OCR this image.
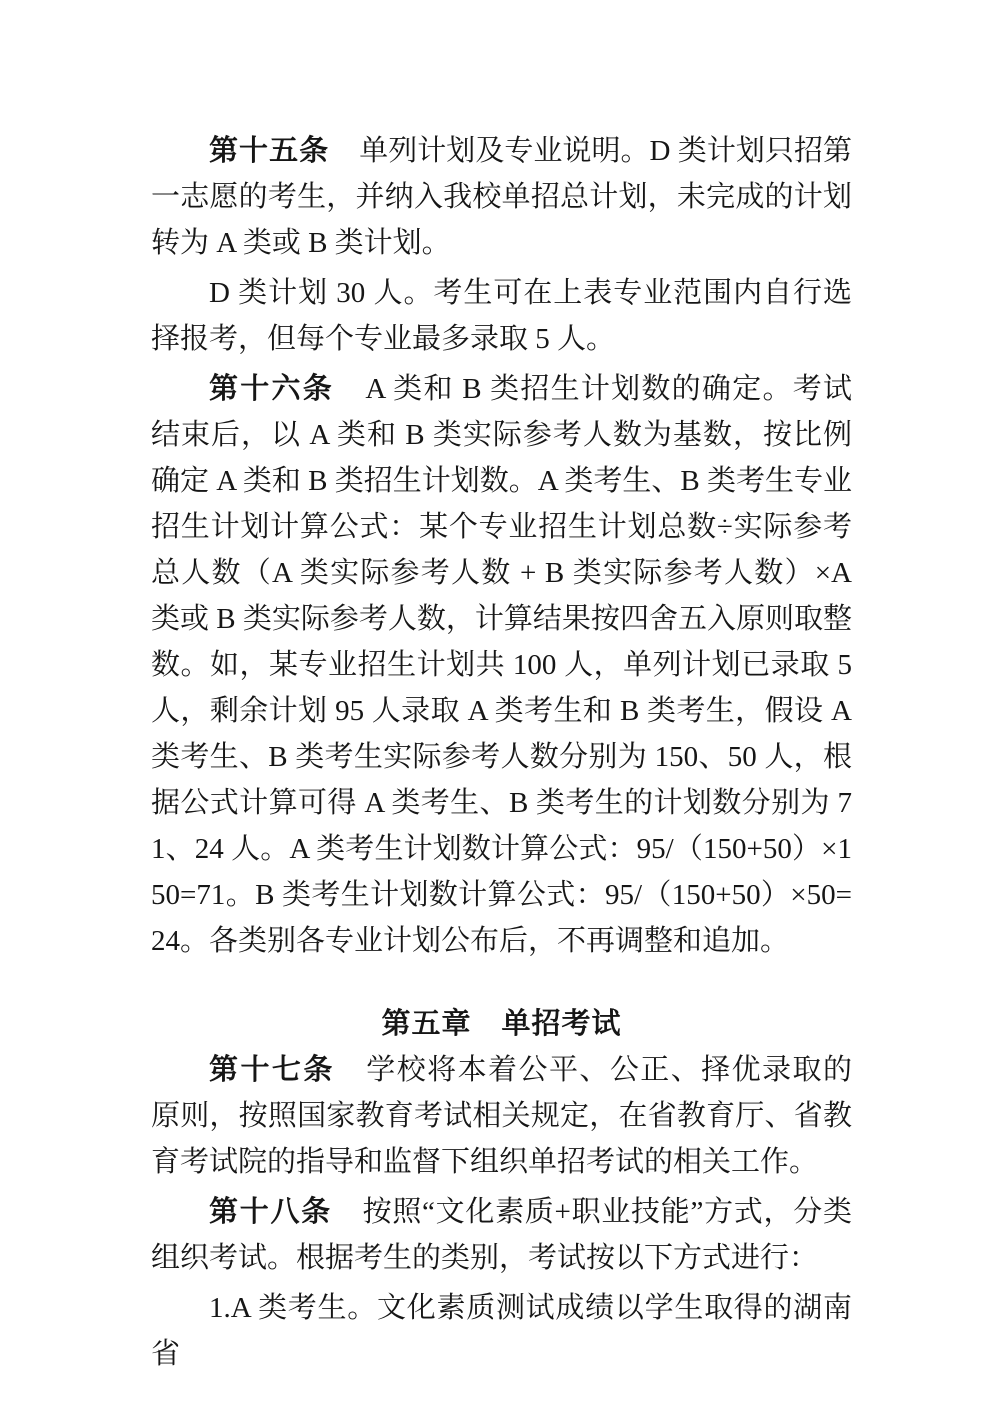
第十五条　单列计划及专业说明。D 类计划只招第一志愿的考生，并纳入我校单招总计划，未完成的计划转为 A 类或 B 类计划。

D 类计划 30 人。考生可在上表专业范围内自行选择报考，但每个专业最多录取 5 人。

第十六条　A 类和 B 类招生计划数的确定。考试结束后，以 A 类和 B 类实际参考人数为基数，按比例确定 A 类和 B 类招生计划数。A 类考生、B 类考生专业招生计划计算公式：某个专业招生计划总数÷实际参考总人数（A 类实际参考人数 + B 类实际参考人数）×A 类或 B 类实际参考人数，计算结果按四舍五入原则取整数。如，某专业招生计划共 100 人，单列计划已录取 5 人，剩余计划 95 人录取 A 类考生和 B 类考生，假设 A 类考生、B 类考生实际参考人数分别为 150、50 人，根据公式计算可得 A 类考生、B 类考生的计划数分别为 71、24 人。A 类考生计划数计算公式：95/（150+50）×150=71。B 类考生计划数计算公式：95/（150+50）×50=24。各类别各专业计划公布后，不再调整和追加。

第五章　单招考试

第十七条　学校将本着公平、公正、择优录取的原则，按照国家教育考试相关规定，在省教育厅、省教育考试院的指导和监督下组织单招考试的相关工作。

第十八条　按照“文化素质+职业技能”方式，分类组织考试。根据考生的类别，考试按以下方式进行：

1.A 类考生。文化素质测试成绩以学生取得的湖南省
